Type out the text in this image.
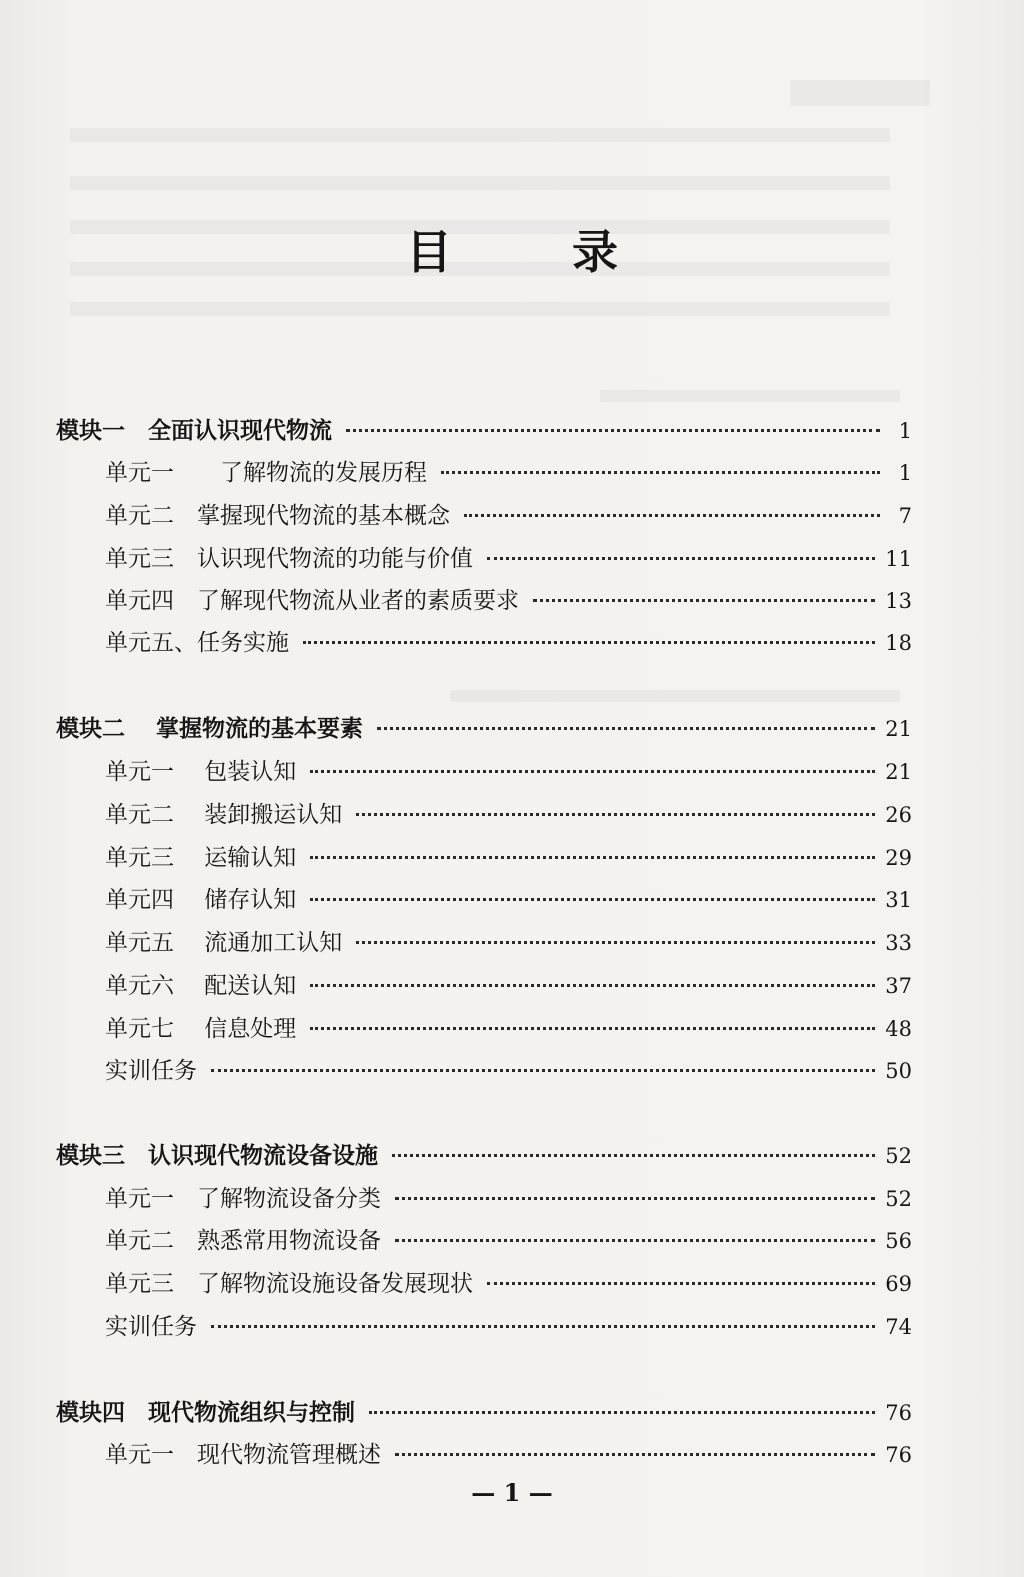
目 录
模块一　全面认识现代物流	1
单元一　　了解物流的发展历程	1
单元二　掌握现代物流的基本概念	7
单元三　认识现代物流的功能与价值	11
单元四　了解现代物流从业者的素质要求	13
单元五、任务实施	18
模块二　 掌握物流的基本要素	21
单元一　 包装认知	21
单元二　 装卸搬运认知	26
单元三　 运输认知	29
单元四　 储存认知	31
单元五　 流通加工认知	33
单元六　 配送认知	37
单元七　 信息处理	48
实训任务	50
模块三　认识现代物流设备设施	52
单元一　了解物流设备分类	52
单元二　熟悉常用物流设备	56
单元三　了解物流设施设备发展现状	69
实训任务	74
模块四　现代物流组织与控制	76
单元一　现代物流管理概述	76
— 1 —
